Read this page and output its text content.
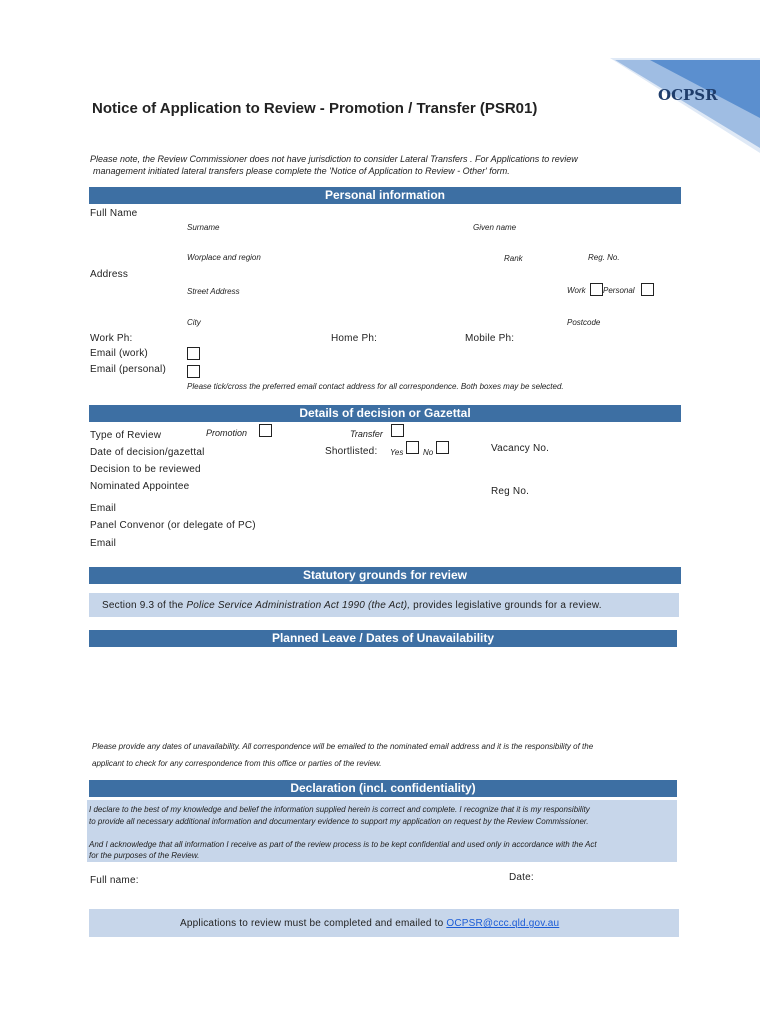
OCPSR
Notice of Application to Review - Promotion / Transfer (PSR01)
Please note, the Review Commissioner does not have jurisdiction to consider Lateral Transfers . For Applications to review
management initiated lateral transfers please complete the 'Notice of Application to Review - Other' form.
Personal information
Full Name
Surname	Given name
Worplace and region	Rank	Reg. No.
Address
Street Address	Work Personal
City	Postcode
Work Ph:	Home Ph:	Mobile Ph:
Email (work)
Email (personal)
Please tick/cross the preferred email contact address for all correspondence. Both boxes may be selected.
Details of decision or Gazettal
Type of Review	Promotion	Transfer
Date of decision/gazettal	Shortlisted: Yes No	Vacancy No.
Decision to be reviewed
Nominated Appointee	Reg No.
Email
Panel Convenor (or delegate of PC)
Email
Statutory grounds for review
Section 9.3 of the Police Service Administration Act 1990 (the Act), provides legislative grounds for a review.
Planned Leave / Dates of Unavailability
Please provide any dates of unavailability. All correspondence will be emailed to the nominated email address and it is the responsibility of the
applicant to check for any correspondence from this office or parties of the review.
Declaration (incl. confidentiality)
I declare to the best of my knowledge and belief the information supplied herein is correct and complete. I recognize that it is my responsibility
to provide all necessary additional information and documentary evidence to support my application on request by the Review Commissioner.
And I acknowledge that all information I receive as part of the review process is to be kept confidential and used only in accordance with the Act
for the purposes of the Review.
Full name:	Date:
Applications to review must be completed and emailed to OCPSR@ccc.qld.gov.au
